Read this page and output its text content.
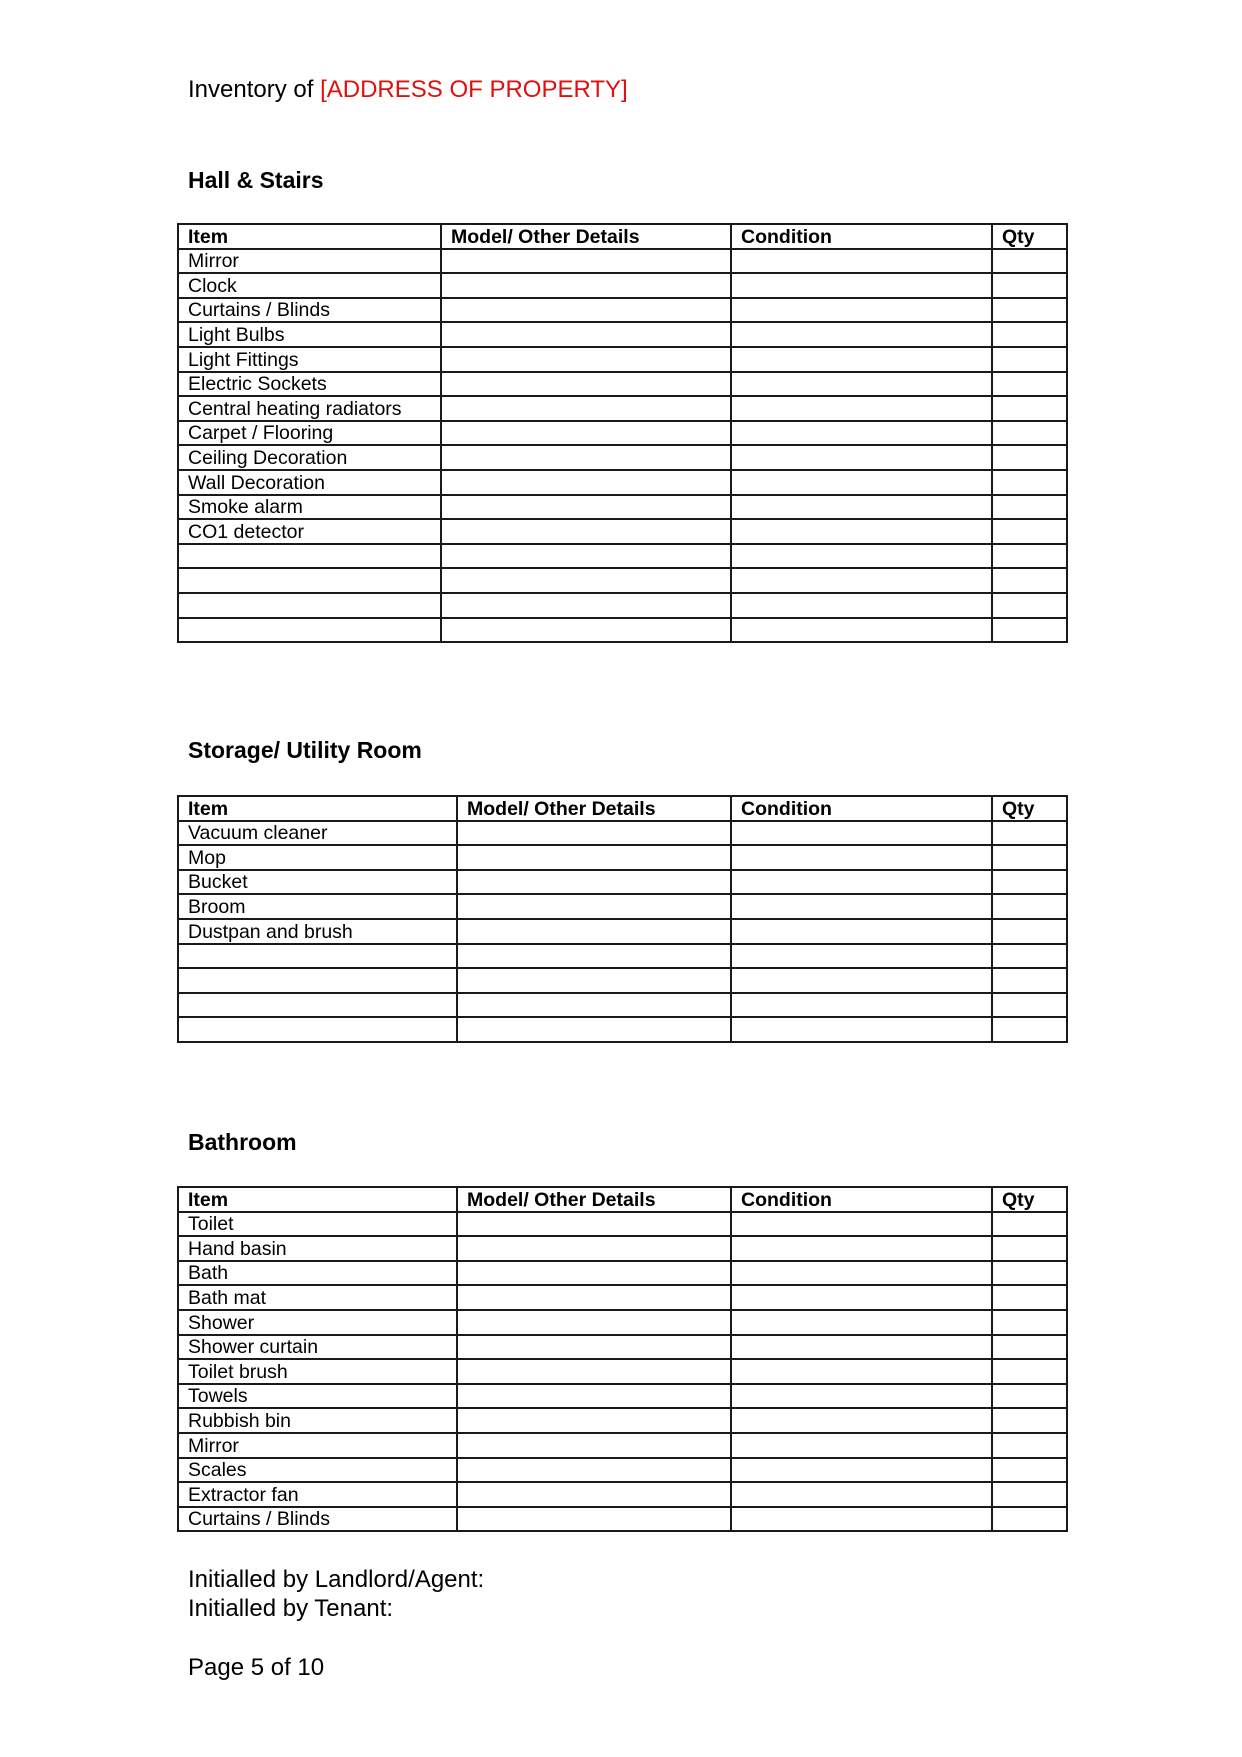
Inventory of [ADDRESS OF PROPERTY]
Hall & Stairs
Item	Model/ Other Details	Condition	Qty
Mirror			
Clock			
Curtains / Blinds			
Light Bulbs			
Light Fittings			
Electric Sockets			
Central heating radiators			
Carpet / Flooring			
Ceiling Decoration			
Wall Decoration			
Smoke alarm			
CO1 detector			

Storage/ Utility Room
Item	Model/ Other Details	Condition	Qty
Vacuum cleaner			
Mop			
Bucket			
Broom			
Dustpan and brush			

Bathroom
Item	Model/ Other Details	Condition	Qty
Toilet			
Hand basin			
Bath			
Bath mat			
Shower			
Shower curtain			
Toilet brush			
Towels			
Rubbish bin			
Mirror			
Scales			
Extractor fan			
Curtains / Blinds			
Initialled by Landlord/Agent:
Initialled by Tenant:
Page 5 of 10
